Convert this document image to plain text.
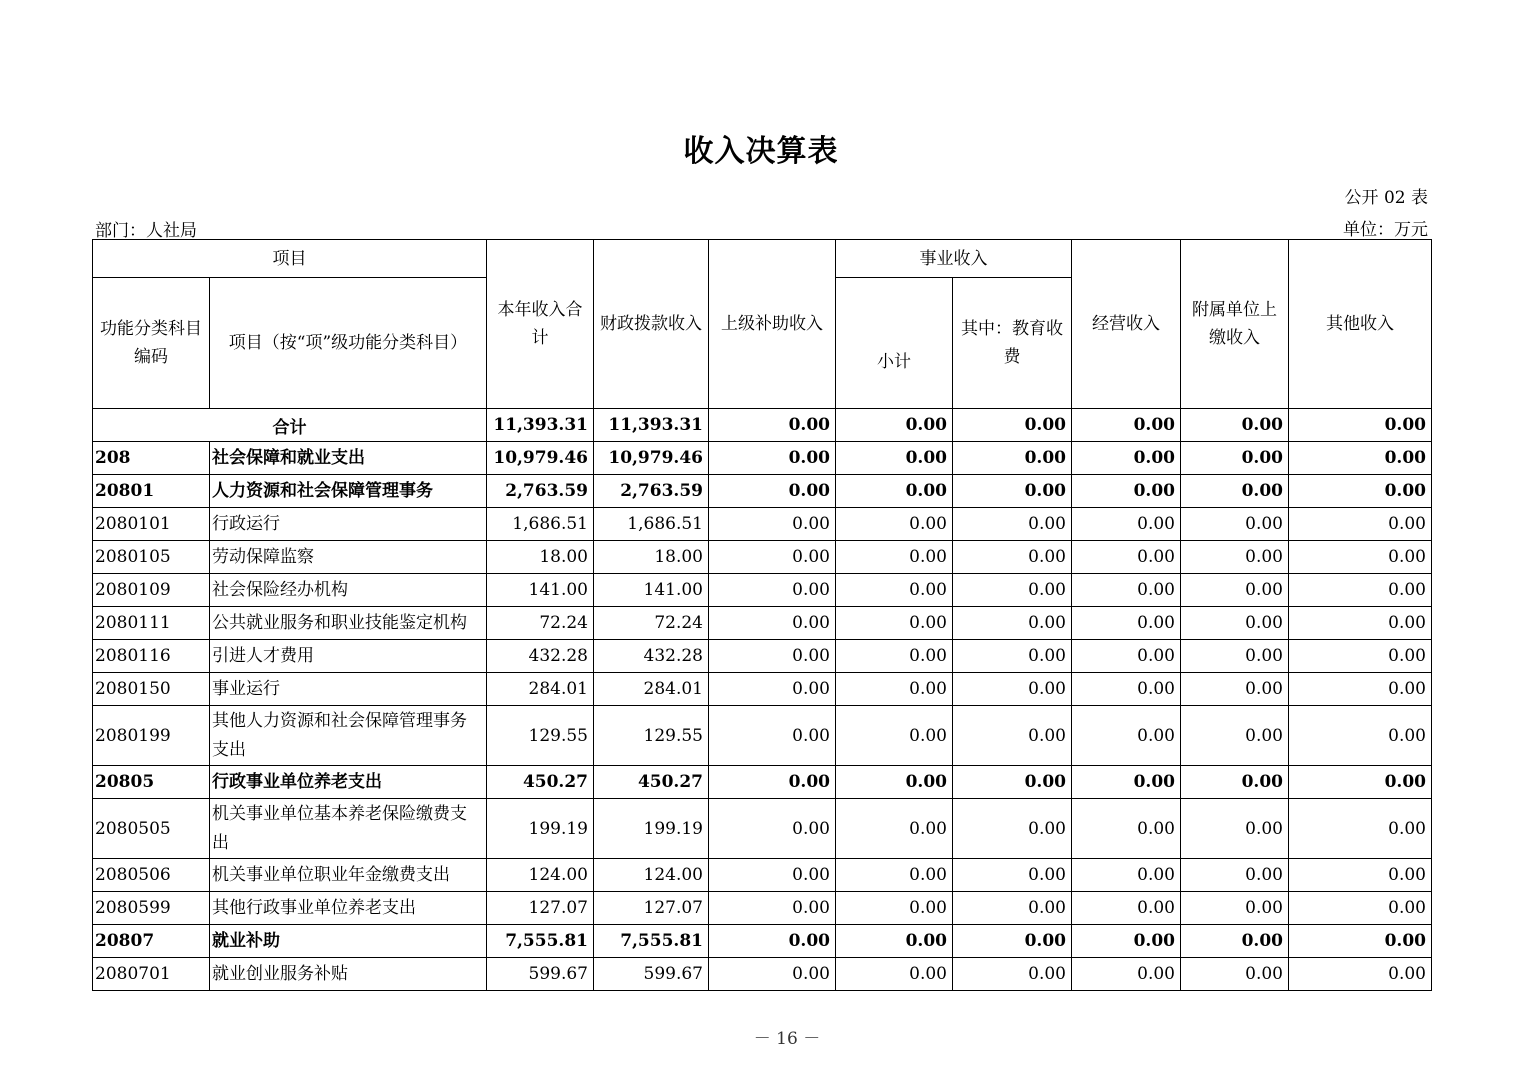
收入决算表
公开 02 表
部门：人社局	单位：万元
项目		本年收入合计	财政拨款收入	上级补助收入	事业收入		经营收入	附属单位上缴收入	其他收入
功能分类科目编码	项目（按“项”级功能分类科目）				小计	其中：教育收费			
合计		11,393.31	11,393.31	0.00	0.00	0.00	0.00	0.00	0.00
208	社会保障和就业支出	10,979.46	10,979.46	0.00	0.00	0.00	0.00	0.00	0.00
20801	人力资源和社会保障管理事务	2,763.59	2,763.59	0.00	0.00	0.00	0.00	0.00	0.00
2080101	行政运行	1,686.51	1,686.51	0.00	0.00	0.00	0.00	0.00	0.00
2080105	劳动保障监察	18.00	18.00	0.00	0.00	0.00	0.00	0.00	0.00
2080109	社会保险经办机构	141.00	141.00	0.00	0.00	0.00	0.00	0.00	0.00
2080111	公共就业服务和职业技能鉴定机构	72.24	72.24	0.00	0.00	0.00	0.00	0.00	0.00
2080116	引进人才费用	432.28	432.28	0.00	0.00	0.00	0.00	0.00	0.00
2080150	事业运行	284.01	284.01	0.00	0.00	0.00	0.00	0.00	0.00
2080199	其他人力资源和社会保障管理事务支出	129.55	129.55	0.00	0.00	0.00	0.00	0.00	0.00
20805	行政事业单位养老支出	450.27	450.27	0.00	0.00	0.00	0.00	0.00	0.00
2080505	机关事业单位基本养老保险缴费支出	199.19	199.19	0.00	0.00	0.00	0.00	0.00	0.00
2080506	机关事业单位职业年金缴费支出	124.00	124.00	0.00	0.00	0.00	0.00	0.00	0.00
2080599	其他行政事业单位养老支出	127.07	127.07	0.00	0.00	0.00	0.00	0.00	0.00
20807	就业补助	7,555.81	7,555.81	0.00	0.00	0.00	0.00	0.00	0.00
2080701	就业创业服务补贴	599.67	599.67	0.00	0.00	0.00	0.00	0.00	0.00
－ 16 －
